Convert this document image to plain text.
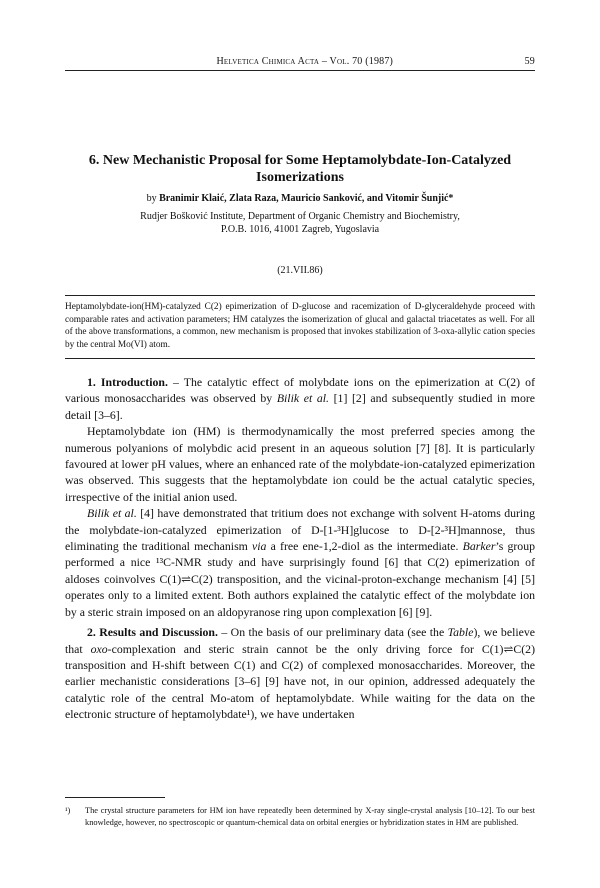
Helvetica Chimica Acta – Vol. 70 (1987)	59
6. New Mechanistic Proposal for Some Heptamolybdate-Ion-Catalyzed Isomerizations
by Branimir Klaić, Zlata Raza, Mauricio Sanković, and Vitomir Šunjić*
Rudjer Bošković Institute, Department of Organic Chemistry and Biochemistry,
P.O.B. 1016, 41001 Zagreb, Yugoslavia
(21.VII.86)
Heptamolybdate-ion(HM)-catalyzed C(2) epimerization of D-glucose and racemization of D-glyceraldehyde proceed with comparable rates and activation parameters; HM catalyzes the isomerization of glucal and galactal triacetates as well. For all of the above transformations, a common, new mechanism is proposed that invokes stabilization of 3-oxa-allylic cation species by the central Mo(VI) atom.

1. Introduction. – The catalytic effect of molybdate ions on the epimerization at C(2) of various monosaccharides was observed by Bilik et al. [1] [2] and subsequently studied in more detail [3–6].

Heptamolybdate ion (HM) is thermodynamically the most preferred species among the numerous polyanions of molybdic acid present in an aqueous solution [7] [8]. It is particularly favoured at lower pH values, where an enhanced rate of the molybdate-ion-catalyzed epimerization was observed. This suggests that the heptamolybdate ion could be the actual catalytic species, irrespective of the initial anion used.

Bilik et al. [4] have demonstrated that tritium does not exchange with solvent H-atoms during the molybdate-ion-catalyzed epimerization of D-[1-³H]glucose to D-[2-³H]mannose, thus eliminating the traditional mechanism via a free ene-1,2-diol as the intermediate. Barker’s group performed a nice ¹³C-NMR study and have surprisingly found [6] that C(2) epimerization of aldoses coinvolves C(1)⇌C(2) transposition, and the vicinal-proton-exchange mechanism [4] [5] operates only to a limited extent. Both authors explained the catalytic effect of the molybdate ion by a steric strain imposed on an aldopyranose ring upon complexation [6] [9].

2. Results and Discussion. – On the basis of our preliminary data (see the Table), we believe that oxo-complexation and steric strain cannot be the only driving force for C(1)⇌C(2) transposition and H-shift between C(1) and C(2) of complexed monosaccharides. Moreover, the earlier mechanistic considerations [3–6] [9] have not, in our opinion, addressed adequately the catalytic role of the central Mo-atom of heptamolybdate. While waiting for the data on the electronic structure of heptamolybdate¹), we have undertaken

¹)	The crystal structure parameters for HM ion have repeatedly been determined by X-ray single-crystal analysis [10–12]. To our best knowledge, however, no spectroscopic or quantum-chemical data on orbital energies or hybridization states in HM are published.
